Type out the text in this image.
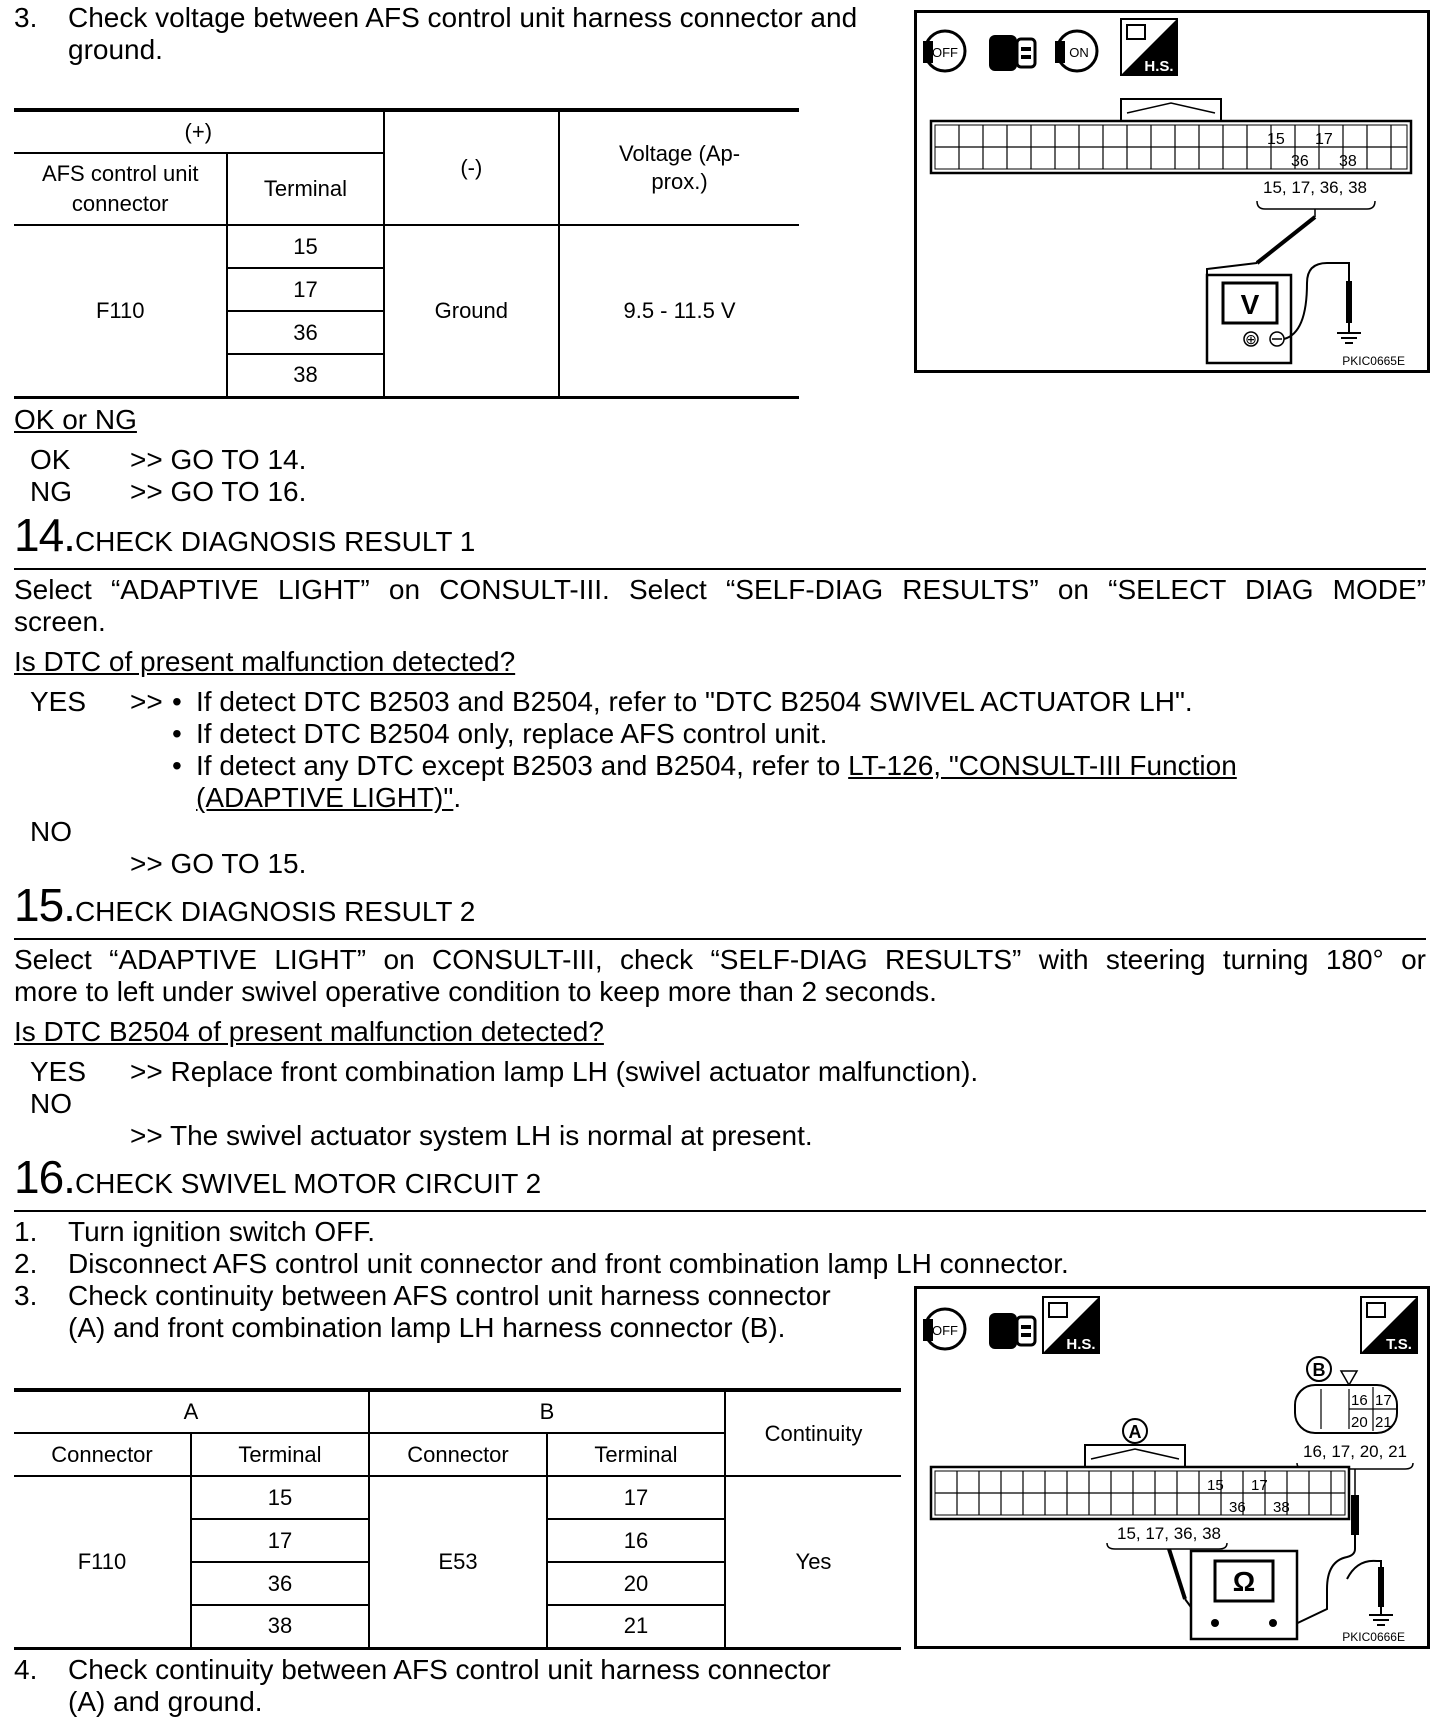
3. Check voltage between AFS control unit harness connector and
ground.
(+)		(-)	Voltage (Ap-prox.)
AFS control unit connector	Terminal		
F110	15	Ground	9.5 - 11.5 V
	17		
	36		
	38		
OFF	ON
H.S.
15 17
36 38
15, 17, 36, 38
V
⊕
PKIC0665E
OK or NG
OK >> GO TO 14.
NG >> GO TO 16.
14.CHECK DIAGNOSIS RESULT 1
Select “ADAPTIVE LIGHT” on CONSULT-III. Select “SELF-DIAG RESULTS” on “SELECT DIAG MODE”
screen.
Is DTC of present malfunction detected?
YES >> • If detect DTC B2503 and B2504, refer to "DTC B2504 SWIVEL ACTUATOR LH".
• If detect DTC B2504 only, replace AFS control unit.
• If detect any DTC except B2503 and B2504, refer to LT-126, "CONSULT-III Function
(ADAPTIVE LIGHT)".
NO
>> GO TO 15.
15.CHECK DIAGNOSIS RESULT 2
Select “ADAPTIVE LIGHT” on CONSULT-III, check “SELF-DIAG RESULTS” with steering turning 180° or
more to left under swivel operative condition to keep more than 2 seconds.
Is DTC B2504 of present malfunction detected?
YES >> Replace front combination lamp LH (swivel actuator malfunction).
NO
>> The swivel actuator system LH is normal at present.
16.CHECK SWIVEL MOTOR CIRCUIT 2
1. Turn ignition switch OFF.
2. Disconnect AFS control unit connector and front combination lamp LH connector.
3. Check continuity between AFS control unit harness connector
(A) and front combination lamp LH harness connector (B).
A		B		Continuity
Connector	Terminal	Connector	Terminal	
F110	15	E53	17	Yes
	17		16	
	36		20	
	38		21	
OFF
H.S.	T.S.
B
16 17
20 21
16, 17, 20, 21
A
15 17
36 38
15, 17, 36, 38
Ω
PKIC0666E
4. Check continuity between AFS control unit harness connector
(A) and ground.
